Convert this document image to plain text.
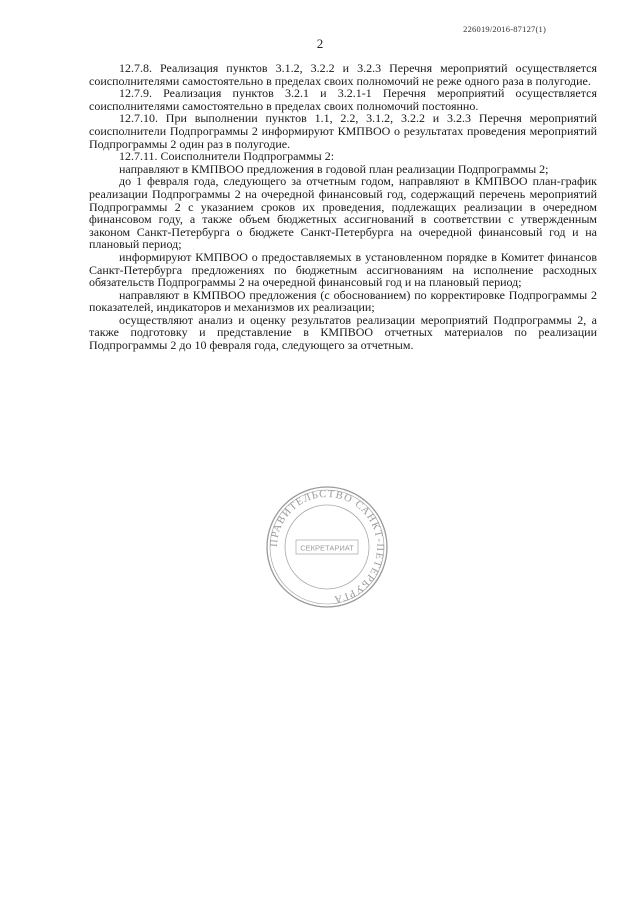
226019/2016-87127(1)
2

12.7.8. Реализация пунктов 3.1.2, 3.2.2 и 3.2.3 Перечня мероприятий осуществляется соисполнителями самостоятельно в пределах своих полномочий не реже одного раза в полугодие.

12.7.9. Реализация пунктов 3.2.1 и 3.2.1-1 Перечня мероприятий осуществляется соисполнителями самостоятельно в пределах своих полномочий постоянно.

12.7.10. При выполнении пунктов 1.1, 2.2, 3.1.2, 3.2.2 и 3.2.3 Перечня мероприятий соисполнители Подпрограммы 2 информируют КМПВОО о результатах проведения мероприятий Подпрограммы 2 один раз в полугодие.

12.7.11. Соисполнители Подпрограммы 2:

направляют в КМПВОО предложения в годовой план реализации Подпрограммы 2;

до 1 февраля года, следующего за отчетным годом, направляют в КМПВОО план-график реализации Подпрограммы 2 на очередной финансовый год, содержащий перечень мероприятий Подпрограммы 2 с указанием сроков их проведения, подлежащих реализации в очередном финансовом году, а также объем бюджетных ассигнований в соответствии с утвержденным законом Санкт-Петербурга о бюджете Санкт-Петербурга на очередной финансовый год и на плановый период;

информируют КМПВОО о предоставляемых в установленном порядке в Комитет финансов Санкт-Петербурга предложениях по бюджетным ассигнованиям на исполнение расходных обязательств Подпрограммы 2 на очередной финансовый год и на плановый период;

направляют в КМПВОО предложения (с обоснованием) по корректировке Подпрограммы 2 показателей, индикаторов и механизмов их реализации;

осуществляют анализ и оценку результатов реализации мероприятий Подпрограммы 2, а также подготовку и представление в КМПВОО отчетных материалов по реализации Подпрограммы 2 до 10 февраля года, следующего за отчетным.

ПРАВИТЕЛЬСТВО САНКТ-ПЕТЕРБУРГА
СЕКРЕТАРИАТ
